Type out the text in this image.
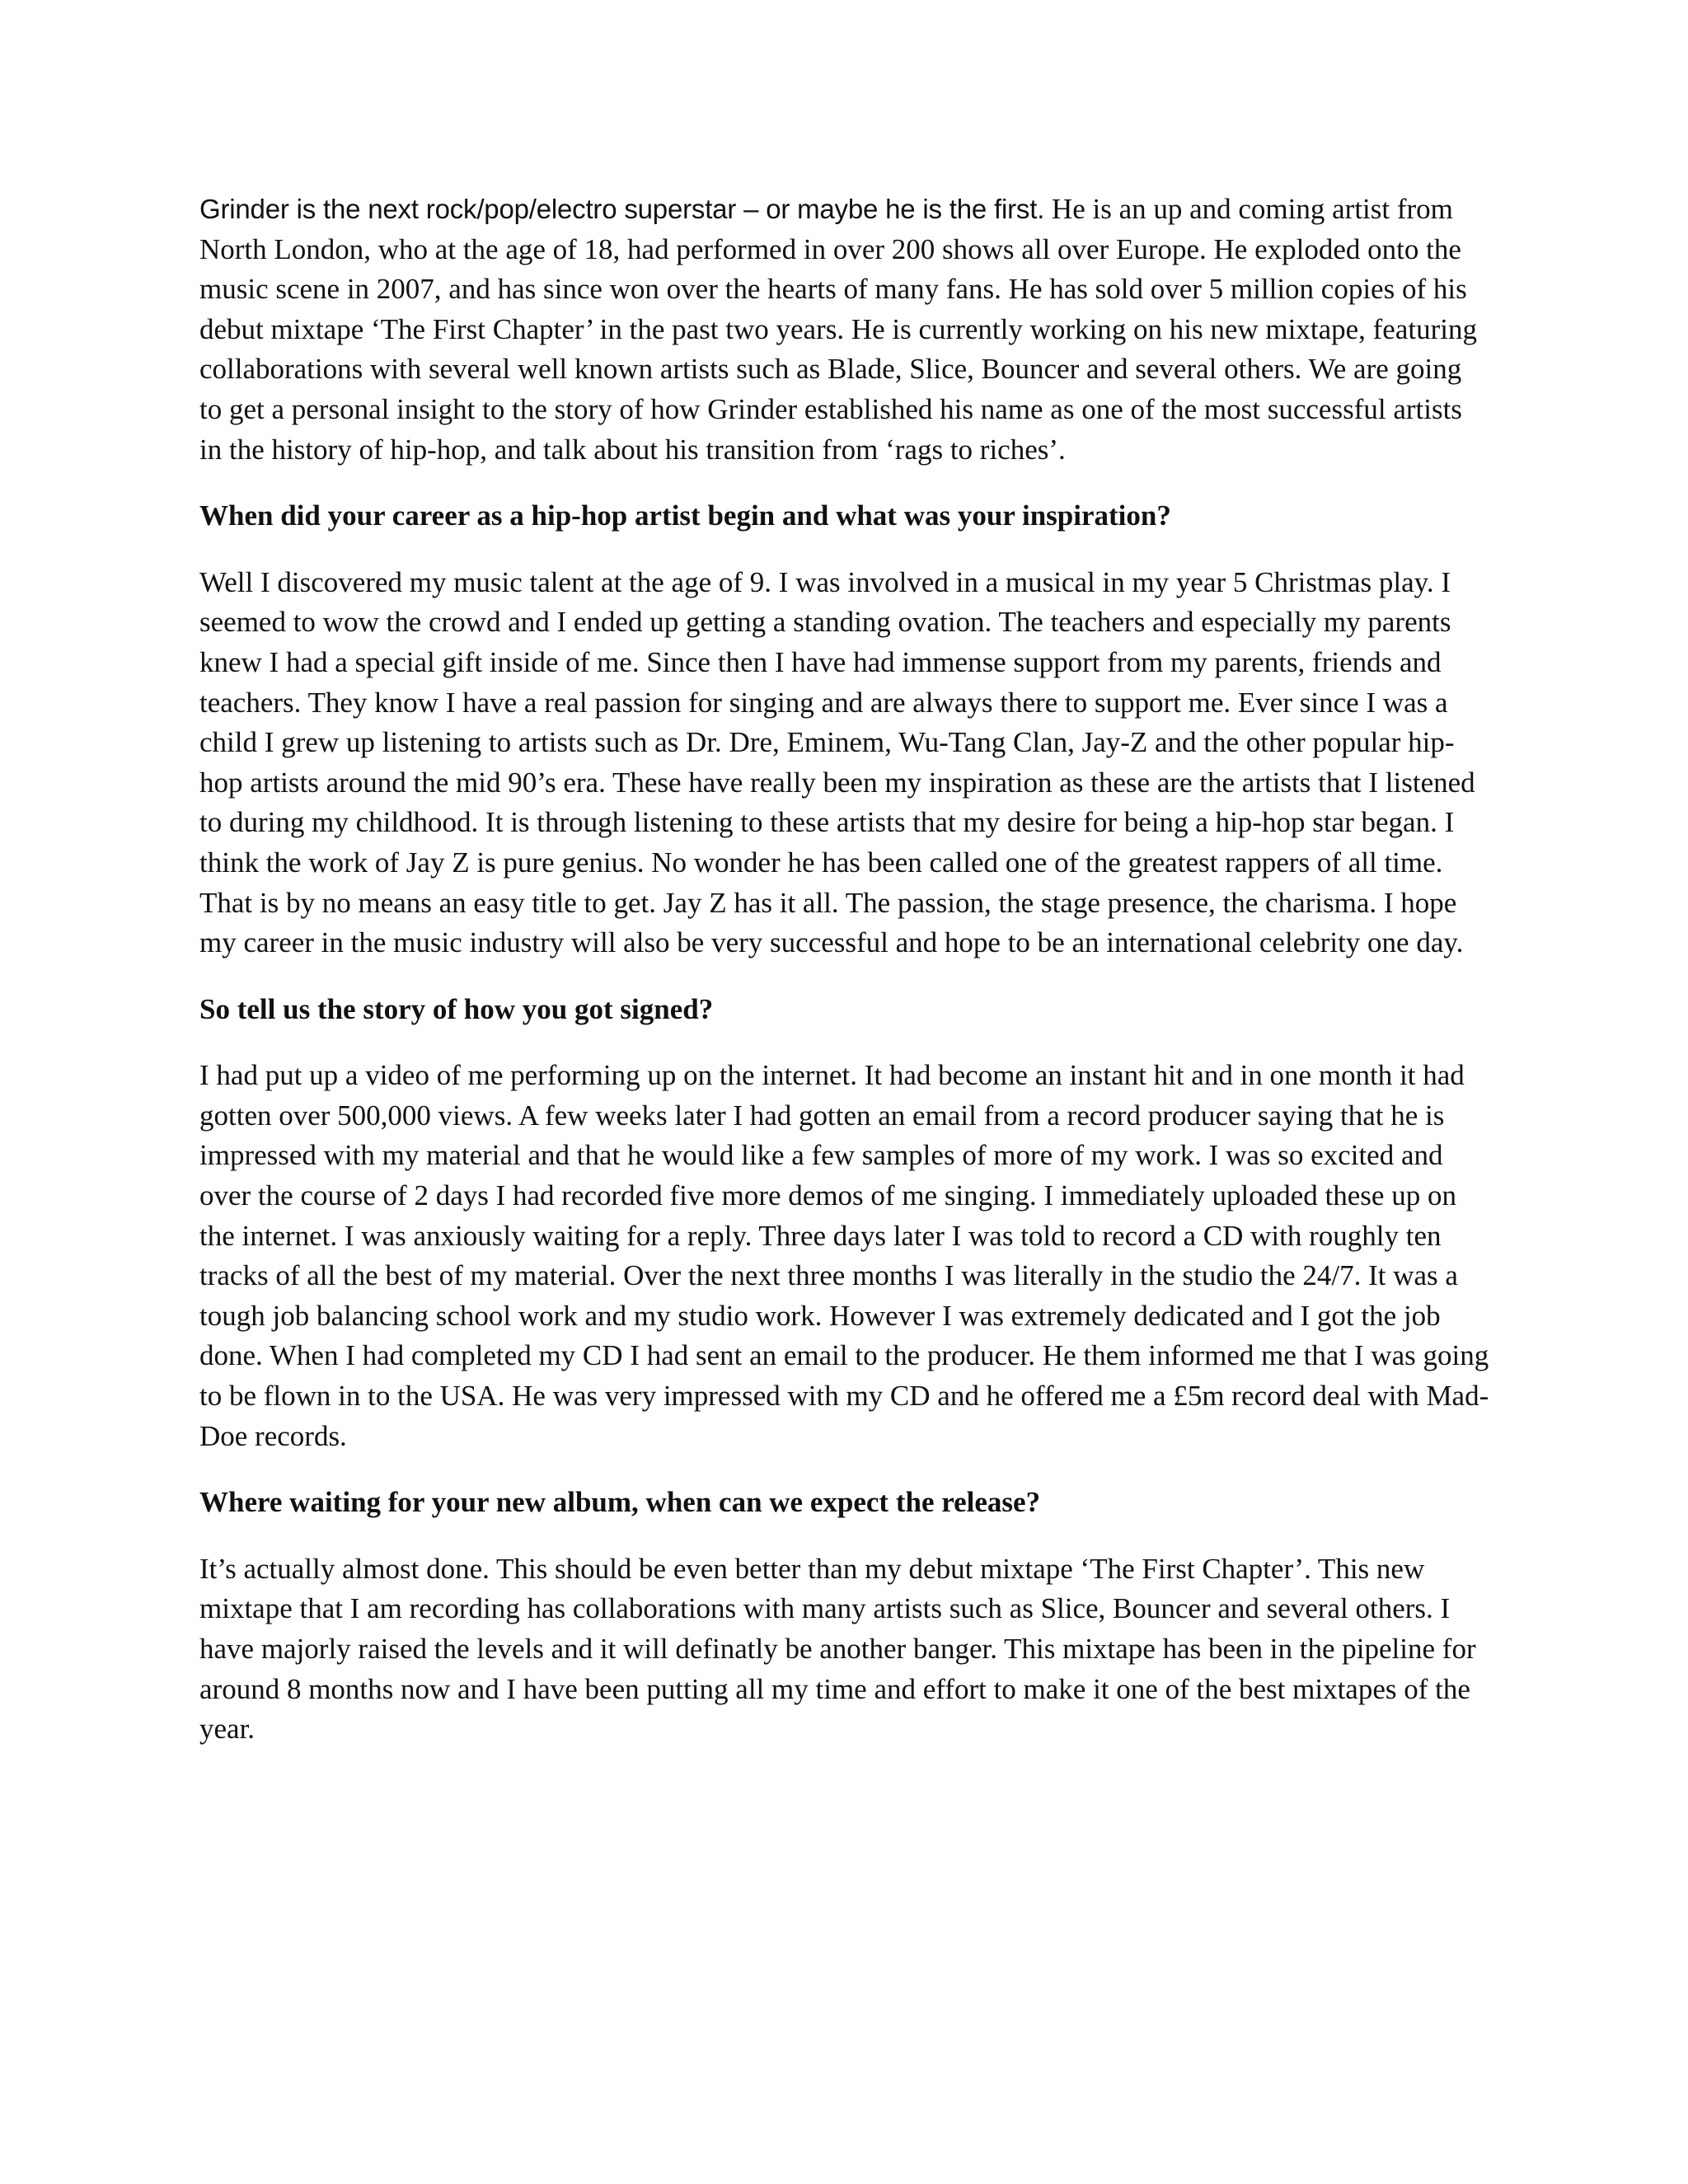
Grinder is the next rock/pop/electro superstar – or maybe he is the first. He is an up and coming artist from North London, who at the age of 18, had performed in over 200 shows all over Europe. He exploded onto the music scene in 2007, and has since won over the hearts of many fans. He has sold over 5 million copies of his debut mixtape ‘The First Chapter’ in the past two years. He is currently working on his new mixtape, featuring collaborations with several well known artists such as Blade, Slice, Bouncer and several others. We are going to get a personal insight to the story of how Grinder established his name as one of the most successful artists in the history of hip-hop, and talk about his transition from ‘rags to riches’.

When did your career as a hip-hop artist begin and what was your inspiration?

Well I discovered my music talent at the age of 9. I was involved in a musical in my year 5 Christmas play. I seemed to wow the crowd and I ended up getting a standing ovation. The teachers and especially my parents knew I had a special gift inside of me. Since then I have had immense support from my parents, friends and teachers. They know I have a real passion for singing and are always there to support me. Ever since I was a child I grew up listening to artists such as Dr. Dre, Eminem, Wu-Tang Clan, Jay-Z and the other popular hip-hop artists around the mid 90’s era. These have really been my inspiration as these are the artists that I listened to during my childhood. It is through listening to these artists that my desire for being a hip-hop star began. I think the work of Jay Z is pure genius. No wonder he has been called one of the greatest rappers of all time. That is by no means an easy title to get. Jay Z has it all. The passion, the stage presence, the charisma. I hope my career in the music industry will also be very successful and hope to be an international celebrity one day.

So tell us the story of how you got signed?

I had put up a video of me performing up on the internet. It had become an instant hit and in one month it had gotten over 500,000 views. A few weeks later I had gotten an email from a record producer saying that he is impressed with my material and that he would like a few samples of more of my work. I was so excited and over the course of 2 days I had recorded five more demos of me singing. I immediately uploaded these up on the internet. I was anxiously waiting for a reply. Three days later I was told to record a CD with roughly ten tracks of all the best of my material. Over the next three months I was literally in the studio the 24/7. It was a tough job balancing school work and my studio work. However I was extremely dedicated and I got the job done. When I had completed my CD I had sent an email to the producer. He them informed me that I was going to be flown in to the USA. He was very impressed with my CD and he offered me a £5m record deal with Mad-Doe records.

Where waiting for your new album, when can we expect the release?

It’s actually almost done. This should be even better than my debut mixtape ‘The First Chapter’. This new mixtape that I am recording has collaborations with many artists such as Slice, Bouncer and several others. I have majorly raised the levels and it will definatly be another banger. This mixtape has been in the pipeline for around 8 months now and I have been putting all my time and effort to make it one of the best mixtapes of the year.
